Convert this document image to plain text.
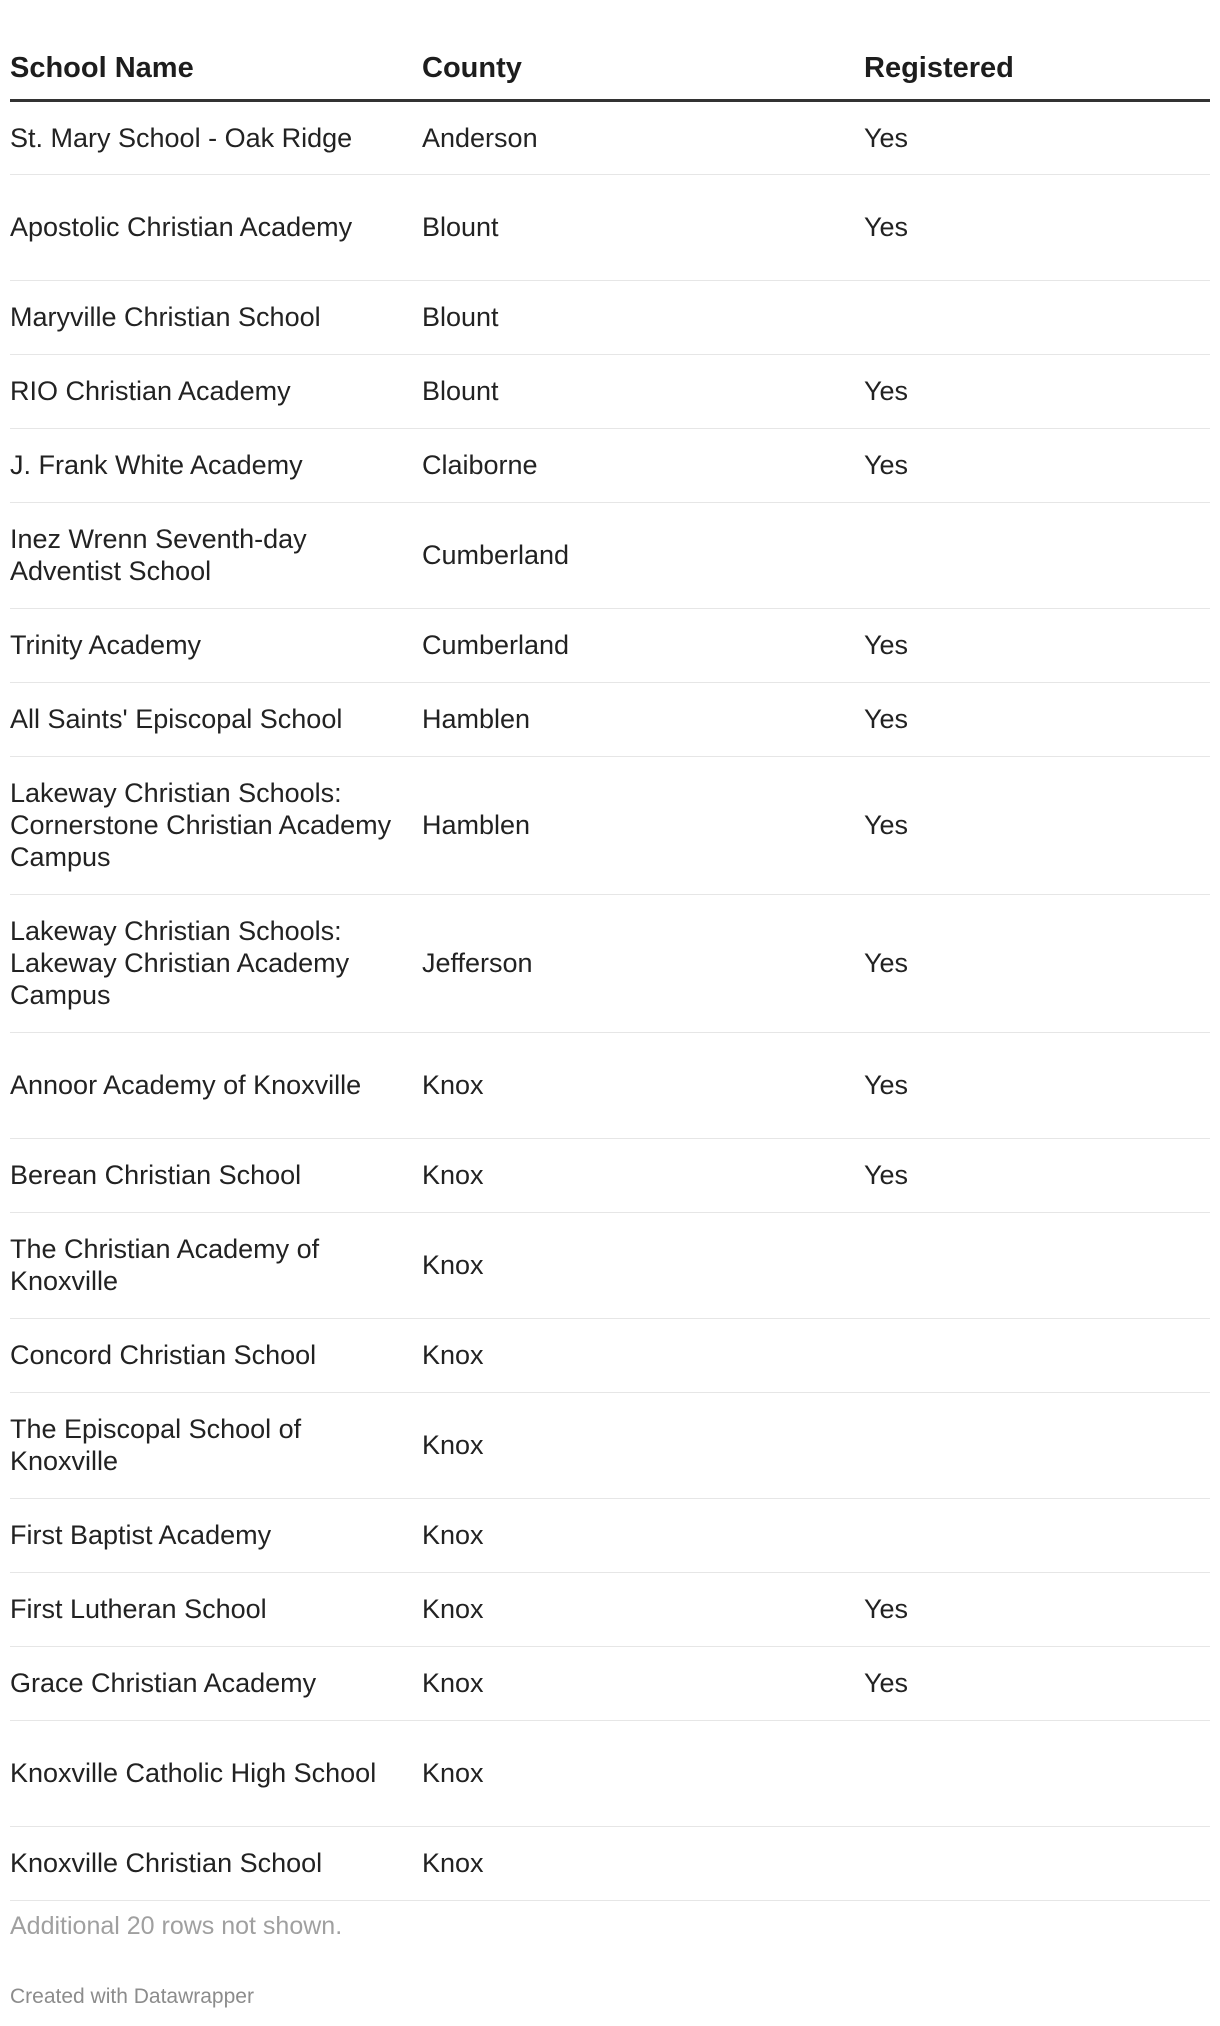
School Name	County	Registered
St. Mary School - Oak Ridge	Anderson	Yes
Apostolic Christian Academy	Blount	Yes
Maryville Christian School	Blount	
RIO Christian Academy	Blount	Yes
J. Frank White Academy	Claiborne	Yes
Inez Wrenn Seventh-day Adventist School	Cumberland	
Trinity Academy	Cumberland	Yes
All Saints' Episcopal School	Hamblen	Yes
Lakeway Christian Schools: Cornerstone Christian Academy Campus	Hamblen	Yes
Lakeway Christian Schools: Lakeway Christian Academy Campus	Jefferson	Yes
Annoor Academy of Knoxville	Knox	Yes
Berean Christian School	Knox	Yes
The Christian Academy of Knoxville	Knox	
Concord Christian School	Knox	
The Episcopal School of Knoxville	Knox	
First Baptist Academy	Knox	
First Lutheran School	Knox	Yes
Grace Christian Academy	Knox	Yes
Knoxville Catholic High School	Knox	
Knoxville Christian School	Knox	
Additional 20 rows not shown.
Created with Datawrapper
